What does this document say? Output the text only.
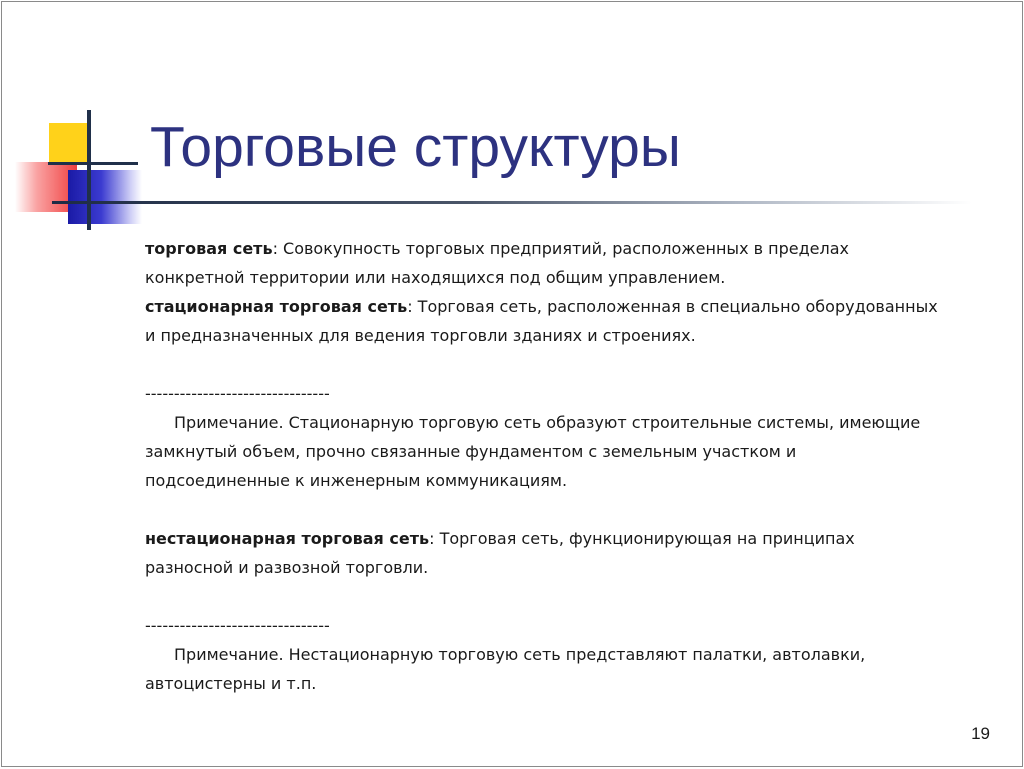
Торговые структуры

торговая сеть: Совокупность торговых предприятий, расположенных в пределах конкретной территории или находящихся под общим управлением.

стационарная торговая сеть: Торговая сеть, расположенная в специально оборудованных и предназначенных для ведения торговли зданиях и строениях.

--------------------------------

Примечание. Стационарную торговую сеть образуют строительные системы, имеющие замкнутый объем, прочно связанные фундаментом с земельным участком и подсоединенные к инженерным коммуникациям.

нестационарная торговая сеть: Торговая сеть, функционирующая на принципах разносной и развозной торговли.

--------------------------------

Примечание. Нестационарную торговую сеть представляют палатки, автолавки, автоцистерны и т.п.

19
